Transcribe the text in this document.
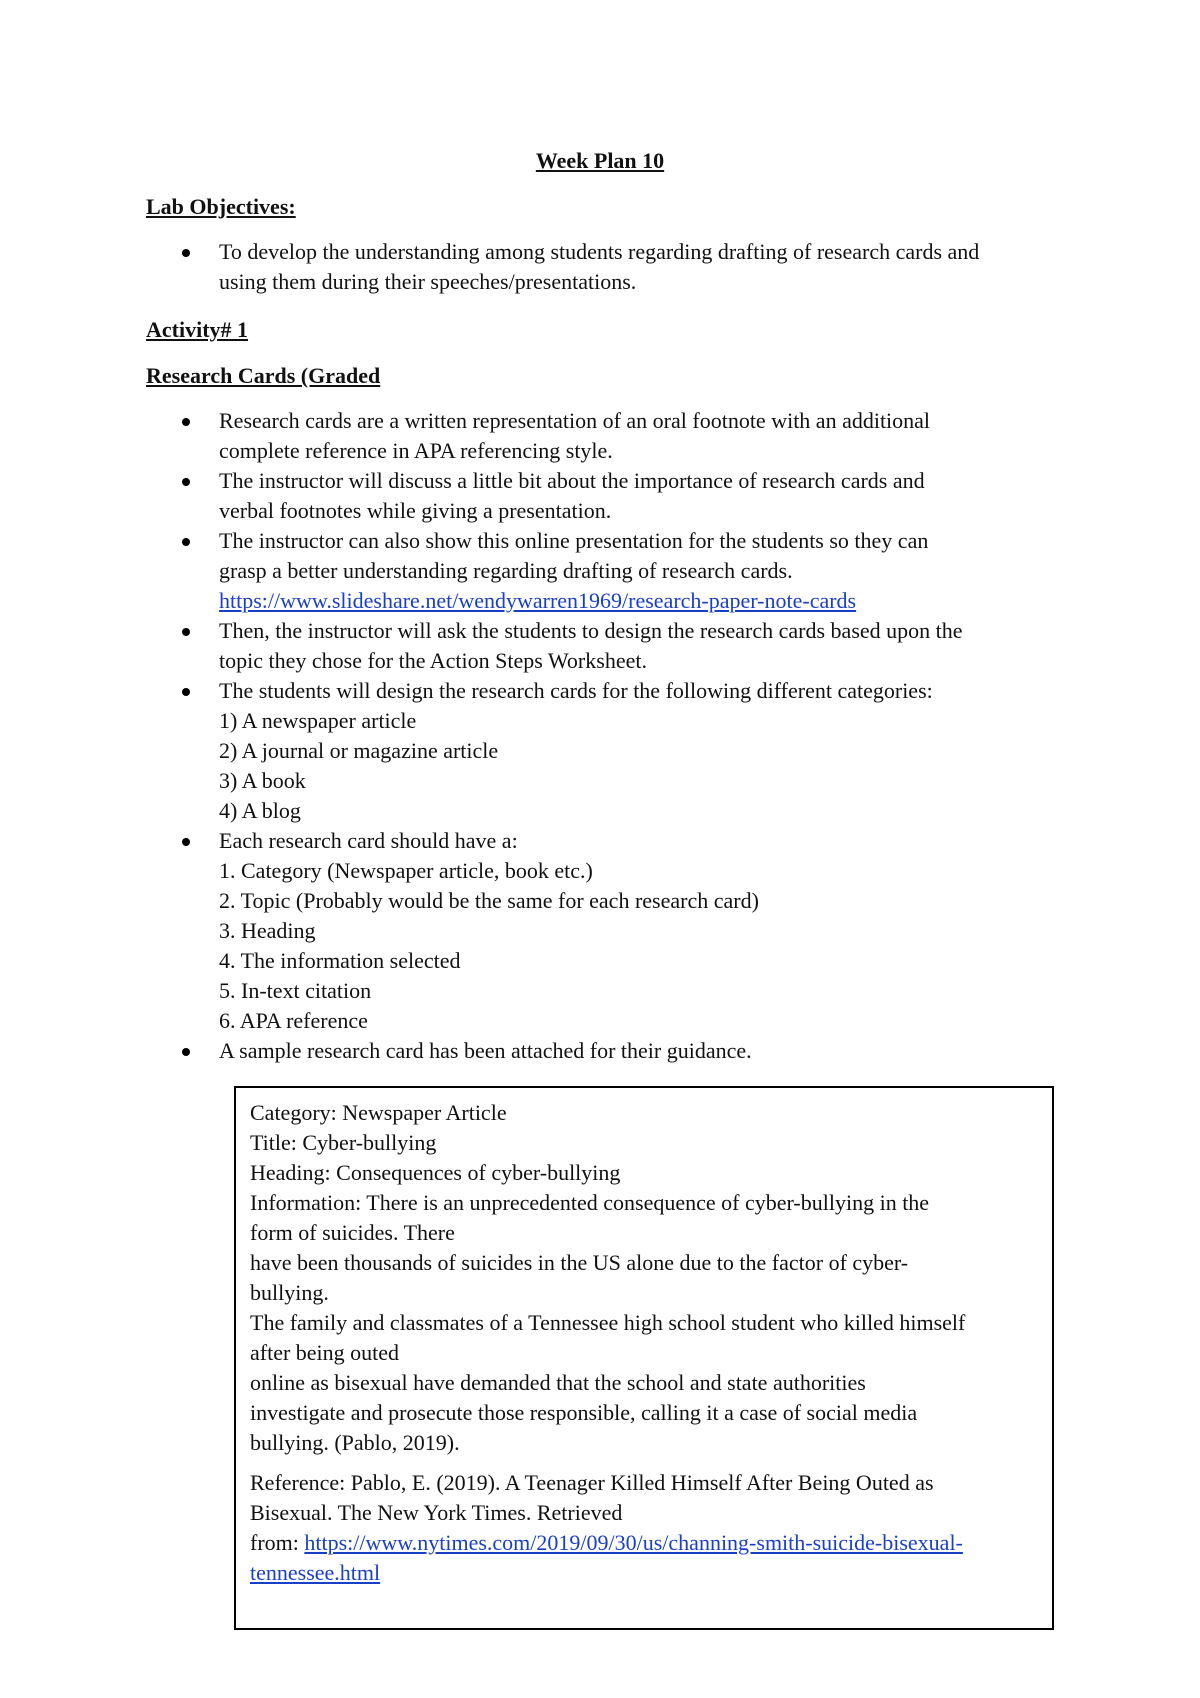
Week Plan 10
Lab Objectives:
To develop the understanding among students regarding drafting of research cards and
using them during their speeches/presentations.
Activity# 1
Research Cards (Graded
Research cards are a written representation of an oral footnote with an additional
complete reference in APA referencing style.
The instructor will discuss a little bit about the importance of research cards and
verbal footnotes while giving a presentation.
The instructor can also show this online presentation for the students so they can
grasp a better understanding regarding drafting of research cards.
https://www.slideshare.net/wendywarren1969/research-paper-note-cards
Then, the instructor will ask the students to design the research cards based upon the
topic they chose for the Action Steps Worksheet.
The students will design the research cards for the following different categories:
1) A newspaper article
2) A journal or magazine article
3) A book
4) A blog
Each research card should have a:
1. Category (Newspaper article, book etc.)
2. Topic (Probably would be the same for each research card)
3. Heading
4. The information selected
5. In-text citation
6. APA reference
A sample research card has been attached for their guidance.
Category: Newspaper Article
Title: Cyber-bullying
Heading: Consequences of cyber-bullying
Information: There is an unprecedented consequence of cyber-bullying in the
form of suicides. There
have been thousands of suicides in the US alone due to the factor of cyber-
bullying.
The family and classmates of a Tennessee high school student who killed himself
after being outed
online as bisexual have demanded that the school and state authorities
investigate and prosecute those responsible, calling it a case of social media
bullying. (Pablo, 2019).
Reference: Pablo, E. (2019). A Teenager Killed Himself After Being Outed as
Bisexual. The New York Times. Retrieved
from: https://www.nytimes.com/2019/09/30/us/channing-smith-suicide-bisexual-
tennessee.html
